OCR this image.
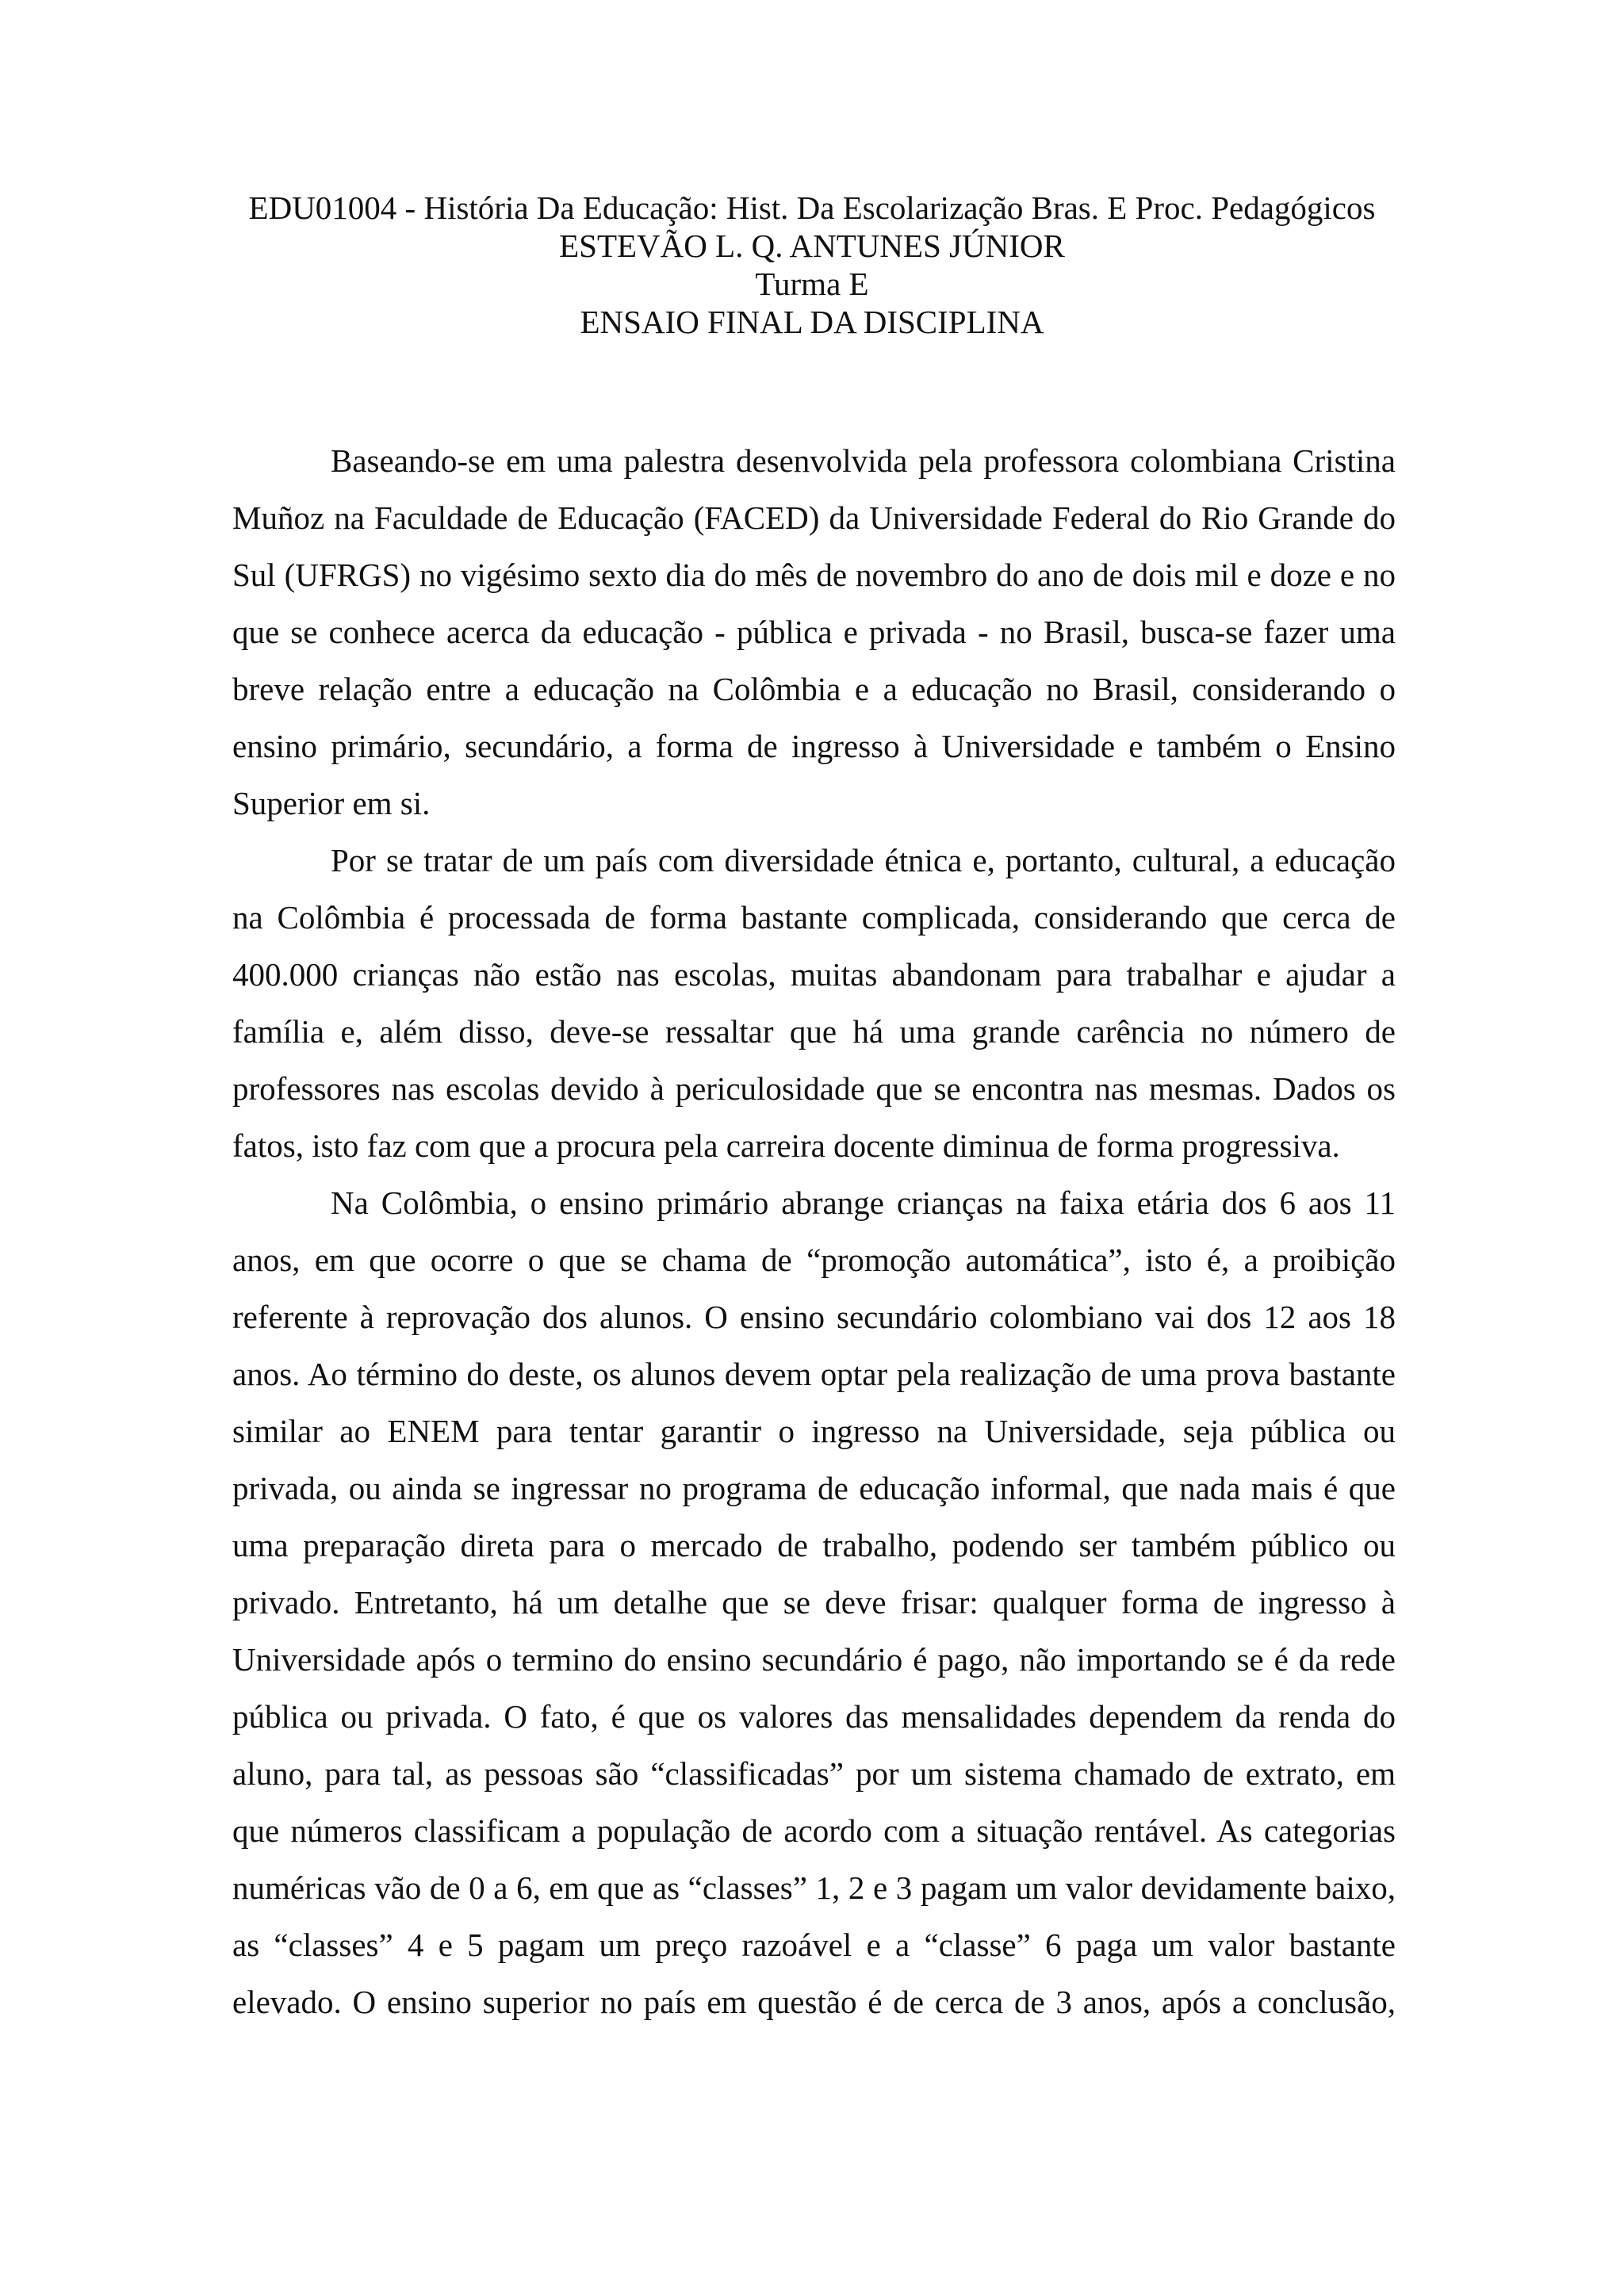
EDU01004 - História Da Educação: Hist. Da Escolarização Bras. E Proc. Pedagógicos
ESTEVÃO L. Q. ANTUNES JÚNIOR
Turma E
ENSAIO FINAL DA DISCIPLINA

Baseando-se em uma palestra desenvolvida pela professora colombiana Cristina Muñoz na Faculdade de Educação (FACED) da Universidade Federal do Rio Grande do Sul (UFRGS) no vigésimo sexto dia do mês de novembro do ano de dois mil e doze e no que se conhece acerca da educação - pública e privada - no Brasil, busca-se fazer uma breve relação entre a educação na Colômbia e a educação no Brasil, considerando o ensino primário, secundário, a forma de ingresso à Universidade e também o Ensino Superior em si.

Por se tratar de um país com diversidade étnica e, portanto, cultural, a educação na Colômbia é processada de forma bastante complicada, considerando que cerca de 400.000 crianças não estão nas escolas, muitas abandonam para trabalhar e ajudar a família e, além disso, deve-se ressaltar que há uma grande carência no número de professores nas escolas devido à periculosidade que se encontra nas mesmas. Dados os fatos, isto faz com que a procura pela carreira docente diminua de forma progressiva.

Na Colômbia, o ensino primário abrange crianças na faixa etária dos 6 aos 11 anos, em que ocorre o que se chama de “promoção automática”, isto é, a proibição referente à reprovação dos alunos. O ensino secundário colombiano vai dos 12 aos 18 anos. Ao término do deste, os alunos devem optar pela realização de uma prova bastante similar ao ENEM para tentar garantir o ingresso na Universidade, seja pública ou privada, ou ainda se ingressar no programa de educação informal, que nada mais é que uma preparação direta para o mercado de trabalho, podendo ser também público ou privado. Entretanto, há um detalhe que se deve frisar: qualquer forma de ingresso à Universidade após o termino do ensino secundário é pago, não importando se é da rede pública ou privada. O fato, é que os valores das mensalidades dependem da renda do aluno, para tal, as pessoas são “classificadas” por um sistema chamado de extrato, em que números classificam a população de acordo com a situação rentável. As categorias numéricas vão de 0 a 6, em que as “classes” 1, 2 e 3 pagam um valor devidamente baixo, as “classes” 4 e 5 pagam um preço razoável e a “classe” 6 paga um valor bastante elevado. O ensino superior no país em questão é de cerca de 3 anos, após a conclusão,
